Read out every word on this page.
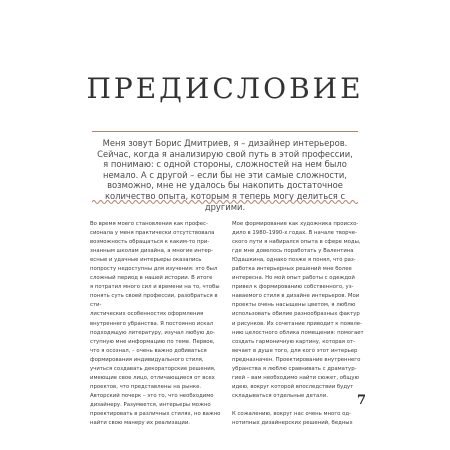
ПРЕДИСЛОВИЕ

Меня зовут Борис Дмитриев, я – дизайнер интерьеров. Сейчас, когда я анализирую свой путь в этой профессии, я понимаю: с одной стороны, сложностей на нем было немало. А с другой – если бы не эти самые сложности, возможно, мне не удалось бы накопить достаточное количество опыта, которым я теперь могу делиться с другими.

Во время моего становления как профес-
сионала у меня практически отсутствовала
возможность обращаться к каким-то при-
знанным школам дизайна, а многие интер-
есные и удачные интерьеры оказались
попросту недоступны для изучения: это был
сложный период в нашей истории. В итоге
я потратил много сил и времени на то, чтобы
понять суть своей профессии, разобраться в сти-
листических особенностях оформления
внутреннего убранства. Я постоянно искал
подходящую литературу, изучал любую до-
ступную мне информацию по теме. Первое,
что я осознал, – очень важно добиваться
формирования индивидуального стиля,
учиться создавать декораторские решения,
имеющие свое лицо, отличающиеся от всех
проектов, что представлены на рынке.
Авторский почерк – это то, что необходимо
дизайнеру. Разумеется, интерьеры можно
проектировать в различных стилях, но важно
найти свою манеру их реализации.

Мое формирование как художника происхо-
дило в 1980–1990-х годах. В начале творче-
ского пути я набирался опыта в сфере моды,
где мне довелось поработать у Валентина
Юдашкина, однако позже я понял, что раз-
работка интерьерных решений мне более
интересна. Но мой опыт работы с одеждой
привел к формированию собственного, уз-
наваемого стиля в дизайне интерьеров. Мои
проекты очень насыщены цветом, я люблю
использовать обилие разнообразных фактур
и рисунков. Их сочетание приводит к появле-
нию целостного облика помещения: помогает
создать гармоничную картину, которая от-
вечает в душе того, для кого этот интерьер
предназначен. Проектирование внутреннего
убранства я люблю сравнивать с драматур-
гией – вам необходимо найти сюжет, общую
идею, вокруг которой впоследствии будут
складываться отдельные детали.

К сожалению, вокруг нас очень много од-
нотипных дизайнерских решений, бедных

7
